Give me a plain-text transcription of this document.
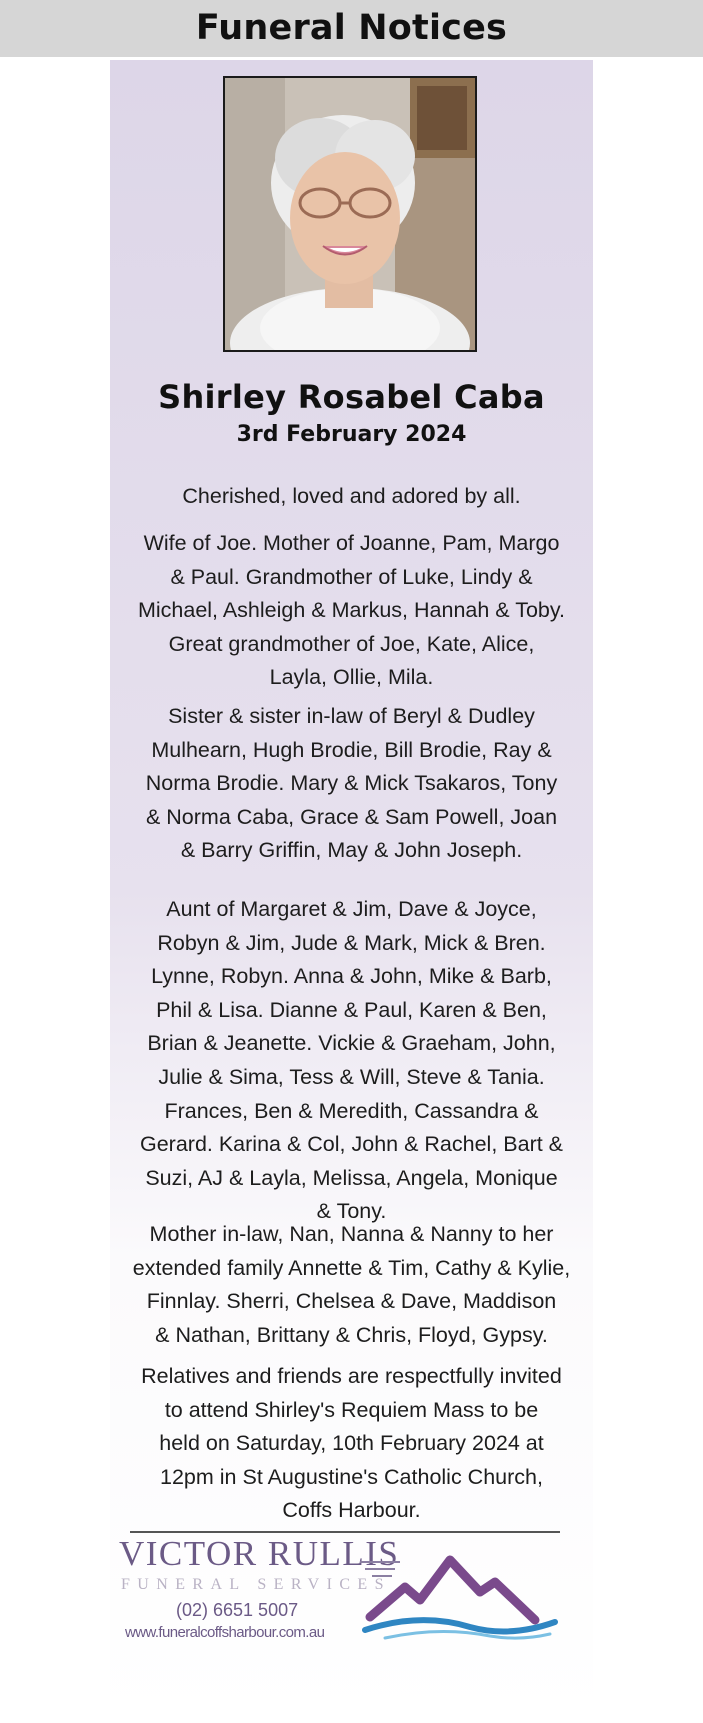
Funeral Notices
Shirley Rosabel Caba
3rd February 2024

Cherished, loved and adored by all.

Wife of Joe. Mother of Joanne, Pam, Margo
& Paul. Grandmother of Luke, Lindy &
Michael, Ashleigh & Markus, Hannah & Toby.
Great grandmother of Joe, Kate, Alice,
Layla, Ollie, Mila.

Sister & sister in-law of Beryl & Dudley
Mulhearn, Hugh Brodie, Bill Brodie, Ray &
Norma Brodie. Mary & Mick Tsakaros, Tony
& Norma Caba, Grace & Sam Powell, Joan
& Barry Griffin, May & John Joseph.

Aunt of Margaret & Jim, Dave & Joyce,
Robyn & Jim, Jude & Mark, Mick & Bren.
Lynne, Robyn. Anna & John, Mike & Barb,
Phil & Lisa. Dianne & Paul, Karen & Ben,
Brian & Jeanette. Vickie & Graeham, John,
Julie & Sima, Tess & Will, Steve & Tania.
Frances, Ben & Meredith, Cassandra &
Gerard. Karina & Col, John & Rachel, Bart &
Suzi, AJ & Layla, Melissa, Angela, Monique
& Tony.

Mother in-law, Nan, Nanna & Nanny to her
extended family Annette & Tim, Cathy & Kylie,
Finnlay. Sherri, Chelsea & Dave, Maddison
& Nathan, Brittany & Chris, Floyd, Gypsy.

Relatives and friends are respectfully invited
to attend Shirley's Requiem Mass to be
held on Saturday, 10th February 2024 at
12pm in St Augustine's Catholic Church,
Coffs Harbour.

VICTOR RULLIS
FUNERAL SERVICES
(02) 6651 5007
www.funeralcoffsharbour.com.au
